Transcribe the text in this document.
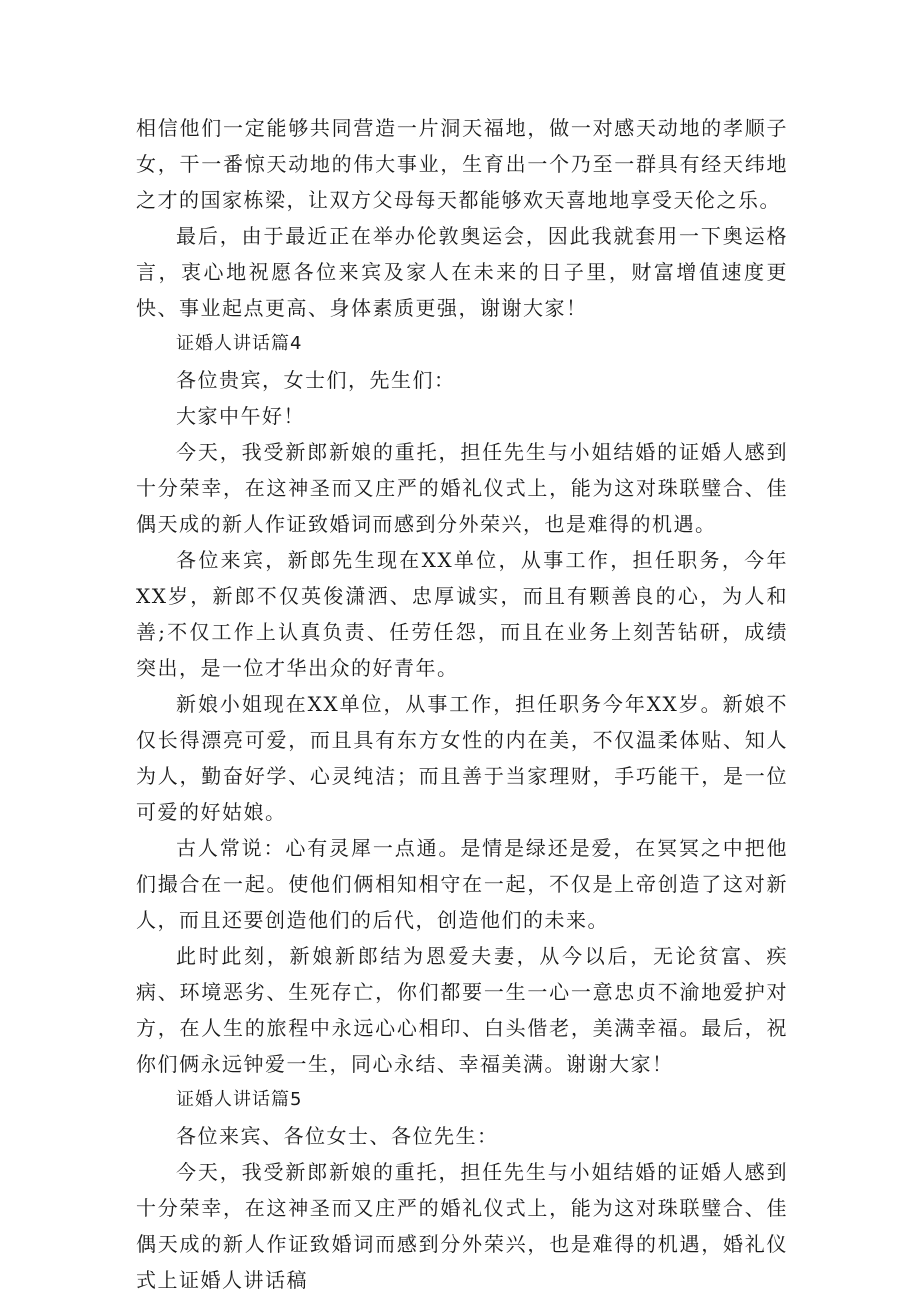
相信他们一定能够共同营造一片洞天福地，做一对感天动地的孝顺子女，干一番惊天动地的伟大事业，生育出一个乃至一群具有经天纬地之才的国家栋梁，让双方父母每天都能够欢天喜地地享受天伦之乐。

最后，由于最近正在举办伦敦奥运会，因此我就套用一下奥运格言，衷心地祝愿各位来宾及家人在未来的日子里，财富增值速度更快、事业起点更高、身体素质更强，谢谢大家！

证婚人讲话篇4

各位贵宾，女士们，先生们：

大家中午好！

今天，我受新郎新娘的重托，担任先生与小姐结婚的证婚人感到十分荣幸，在这神圣而又庄严的婚礼仪式上，能为这对珠联璧合、佳偶天成的新人作证致婚词而感到分外荣兴，也是难得的机遇。

各位来宾，新郎先生现在XX单位，从事工作，担任职务，今年XX岁，新郎不仅英俊潇洒、忠厚诚实，而且有颗善良的心，为人和善;不仅工作上认真负责、任劳任怨，而且在业务上刻苦钻研，成绩突出，是一位才华出众的好青年。

新娘小姐现在XX单位，从事工作，担任职务今年XX岁。新娘不仅长得漂亮可爱，而且具有东方女性的内在美，不仅温柔体贴、知人为人，勤奋好学、心灵纯洁；而且善于当家理财，手巧能干，是一位可爱的好姑娘。

古人常说：心有灵犀一点通。是情是绿还是爱，在冥冥之中把他们撮合在一起。使他们俩相知相守在一起，不仅是上帝创造了这对新人，而且还要创造他们的后代，创造他们的未来。

此时此刻，新娘新郎结为恩爱夫妻，从今以后，无论贫富、疾病、环境恶劣、生死存亡，你们都要一生一心一意忠贞不渝地爱护对方，在人生的旅程中永远心心相印、白头偕老，美满幸福。最后，祝你们俩永远钟爱一生，同心永结、幸福美满。谢谢大家！

证婚人讲话篇5

各位来宾、各位女士、各位先生：

今天，我受新郎新娘的重托，担任先生与小姐结婚的证婚人感到十分荣幸，在这神圣而又庄严的婚礼仪式上，能为这对珠联璧合、佳偶天成的新人作证致婚词而感到分外荣兴，也是难得的机遇，婚礼仪式上证婚人讲话稿
